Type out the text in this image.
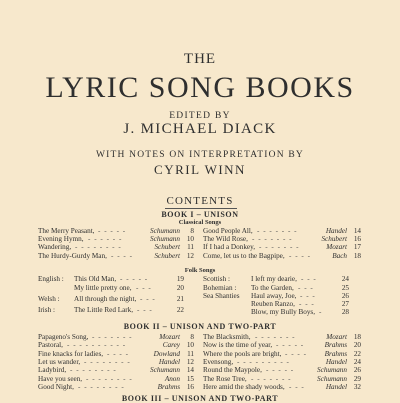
THE
LYRIC SONG BOOKS
EDITED BY
J. MICHAEL DIACK
WITH NOTES ON INTERPRETATION BY
CYRIL WINN
CONTENTS
BOOK I – UNISON
Classical Songs
The Merry Peasant, - - - - -	Schumann	8
Evening Hymn, - - - - - -	Schumann 10
Wandering, - - - - - - - -	Schubert 11
The Hurdy-Gurdy Man, - - - -	Schubert 12
Good People All, - - - - - - -	Handel 14
The Wild Rose, - - - - - - -	Schubert 16
If I had a Donkey, - - - - - - -	Mozart 17
Come, let us to the Bagpipe, - - - -	Bach 18
Folk Songs
English : This Old Man,	19
- - - - -
My little pretty one,	20
- - -
Welsh : All through the night,	21
- - -
Irish :	The Little Red Lark,	22
- - -
Scottish :	I left my dearie,	24
- - -
Bohemian : To the Garden,	25
- - -
Sea Shanties Haul away, Joe,	26
- - -
Reuben Ranzo,	27
- - -
Blow, my Bully Boys,	28
-
BOOK II – UNISON AND TWO-PART
Papageno's Song, - - - - - - -	Mozart	8
Pastoral, - - - - - - - - - -	Carey 10
Fine knacks for ladies, - - - -	Dowland 11
Let us wander, - - - - - - - -	Handel 12
Ladybird, - - - - - - - -	Schumann 14
Have you seen, - - - - - - - -	Anon 15
Good Night, - - - - - - - -	Brahms 16
The Blacksmith, - - - - - - -	Mozart 18
Now is the time of year, - - - - -	Brahms 20
Where the pools are bright, - - - - Brahms 22
Evensong, - - - - - - - - -	Handel 24
Round the Maypole, - - - - -	Schumann 26
The Rose Tree, - - - - - - -	Schumann 29
Here amid the shady woods, - - -	Handel 32
BOOK III – UNISON AND TWO-PART
